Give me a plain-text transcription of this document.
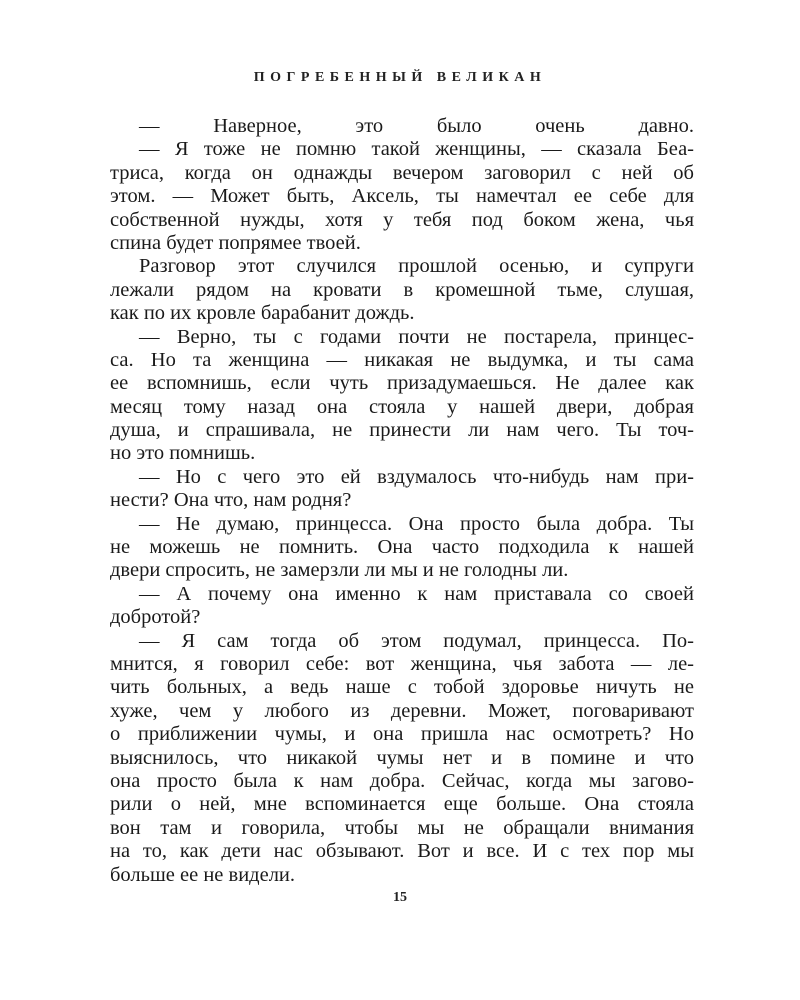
ПОГРЕБЕННЫЙ ВЕЛИКАН
— Наверное, это было очень давно.
— Я тоже не помню такой женщины, — сказала Беа-
триса, когда он однажды вечером заговорил с ней об
этом. — Может быть, Аксель, ты намечтал ее себе для
собственной нужды, хотя у тебя под боком жена, чья
спина будет попрямее твоей.
Разговор этот случился прошлой осенью, и супруги
лежали рядом на кровати в кромешной тьме, слушая,
как по их кровле барабанит дождь.
— Верно, ты с годами почти не постарела, принцес-
са. Но та женщина — никакая не выдумка, и ты сама
ее вспомнишь, если чуть призадумаешься. Не далее как
месяц тому назад она стояла у нашей двери, добрая
душа, и спрашивала, не принести ли нам чего. Ты точ-
но это помнишь.
— Но с чего это ей вздумалось что-нибудь нам при-
нести? Она что, нам родня?
— Не думаю, принцесса. Она просто была добра. Ты
не можешь не помнить. Она часто подходила к нашей
двери спросить, не замерзли ли мы и не голодны ли.
— А почему она именно к нам приставала со своей
добротой?
— Я сам тогда об этом подумал, принцесса. По-
мнится, я говорил себе: вот женщина, чья забота — ле-
чить больных, а ведь наше с тобой здоровье ничуть не
хуже, чем у любого из деревни. Может, поговаривают
о приближении чумы, и она пришла нас осмотреть? Но
выяснилось, что никакой чумы нет и в помине и что
она просто была к нам добра. Сейчас, когда мы загово-
рили о ней, мне вспоминается еще больше. Она стояла
вон там и говорила, чтобы мы не обращали внимания
на то, как дети нас обзывают. Вот и все. И с тех пор мы
больше ее не видели.
15
